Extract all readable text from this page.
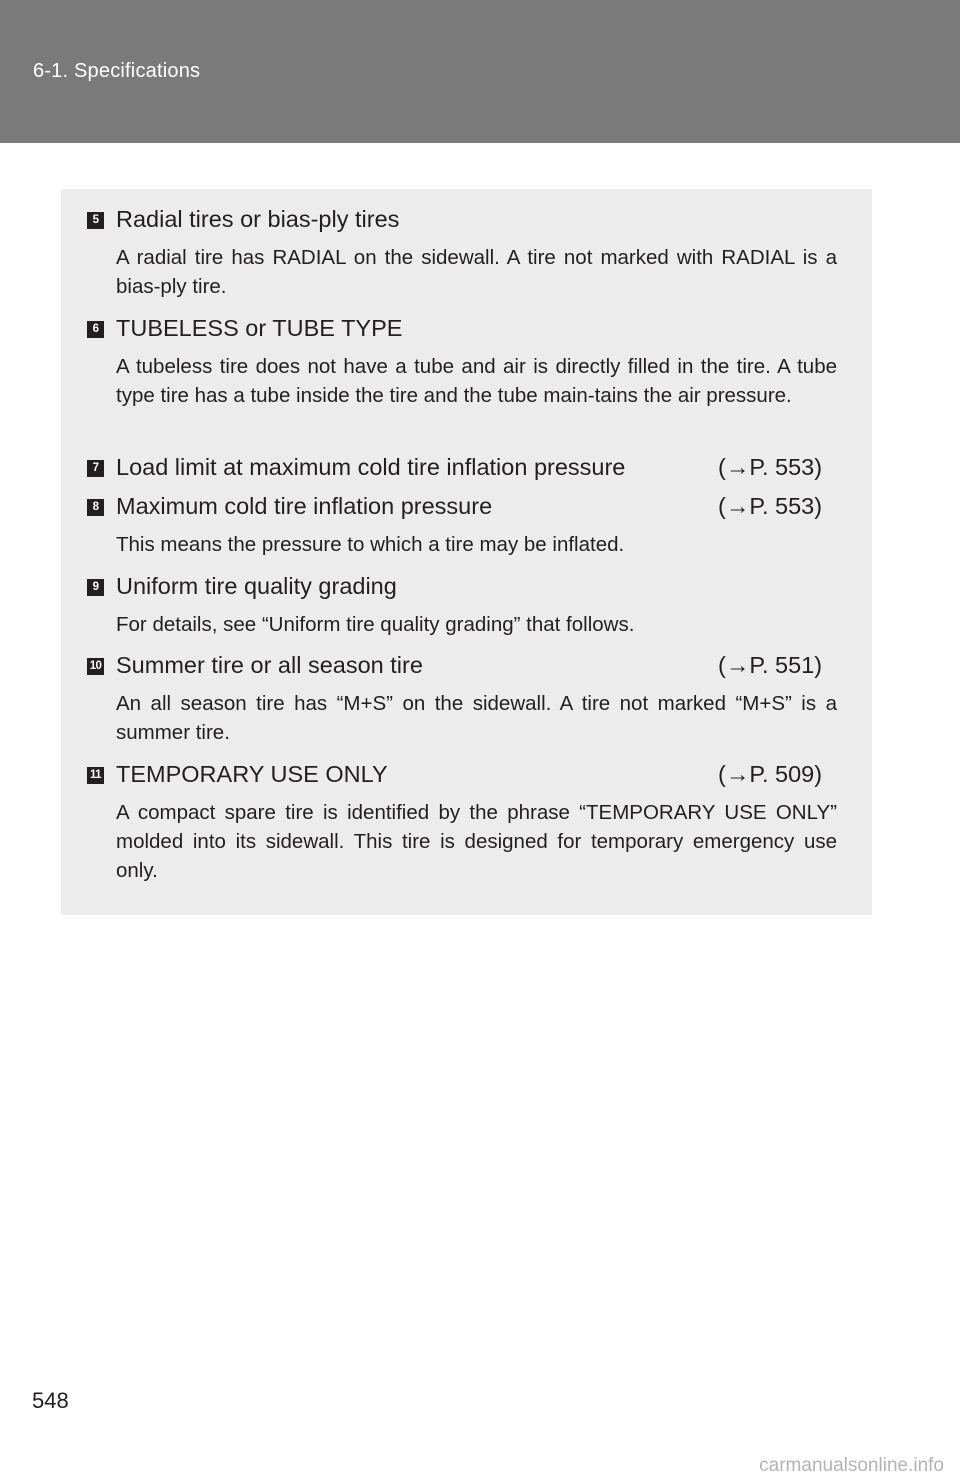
6-1. Specifications
5 Radial tires or bias-ply tires
A radial tire has RADIAL on the sidewall. A tire not marked with RADIAL is a bias-ply tire.
6 TUBELESS or TUBE TYPE
A tubeless tire does not have a tube and air is directly filled in the tire. A tube type tire has a tube inside the tire and the tube main-tains the air pressure.
7 Load limit at maximum cold tire inflation pressure	(→P. 553)
8 Maximum cold tire inflation pressure	(→P. 553)
This means the pressure to which a tire may be inflated.
9 Uniform tire quality grading
For details, see “Uniform tire quality grading” that follows.
10 Summer tire or all season tire	(→P. 551)
An all season tire has “M+S” on the sidewall. A tire not marked “M+S” is a summer tire.
11 TEMPORARY USE ONLY	(→P. 509)
A compact spare tire is identified by the phrase “TEMPORARY USE ONLY” molded into its sidewall. This tire is designed for temporary emergency use only.
548
carmanualsonline.info
